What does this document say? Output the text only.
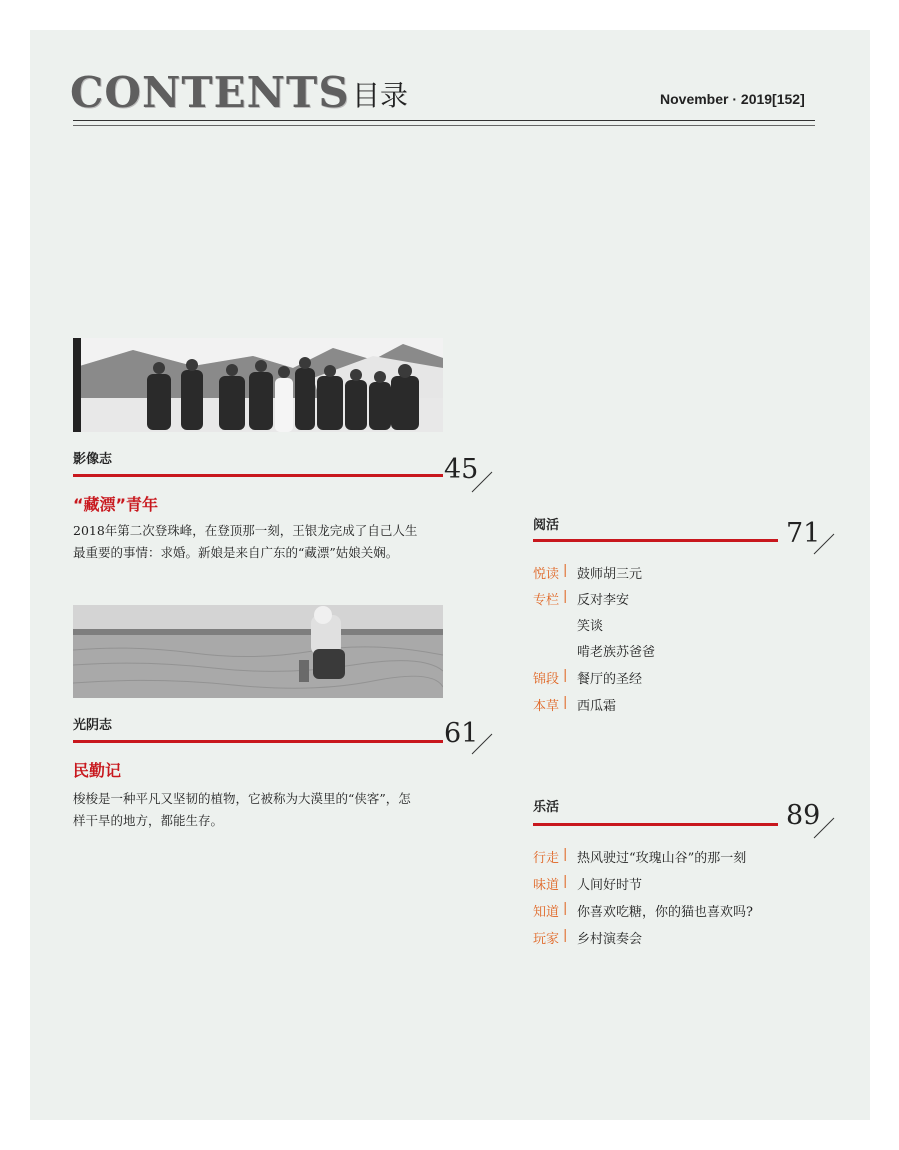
CONTENTS 目录	November · 2019[152]
影像志	45
“藏漂”青年
2018年第二次登珠峰，在登顶那一刻，王银龙完成了自己人生
最重要的事情：求婚。新娘是来自广东的“藏漂”姑娘关娴。
光阴志	61
民勤记
梭梭是一种平凡又坚韧的植物，它被称为大漠里的“侠客”，怎
样干旱的地方，都能生存。
阅活	71
悦读 | 鼓师胡三元
专栏 | 反对李安
笑谈
啃老族苏爸爸
锦段 | 餐厅的圣经
本草 | 西瓜霜
乐活	89
行走 | 热风驶过“玫瑰山谷”的那一刻
味道 | 人间好时节
知道 | 你喜欢吃糖，你的猫也喜欢吗?
玩家 | 乡村演奏会
